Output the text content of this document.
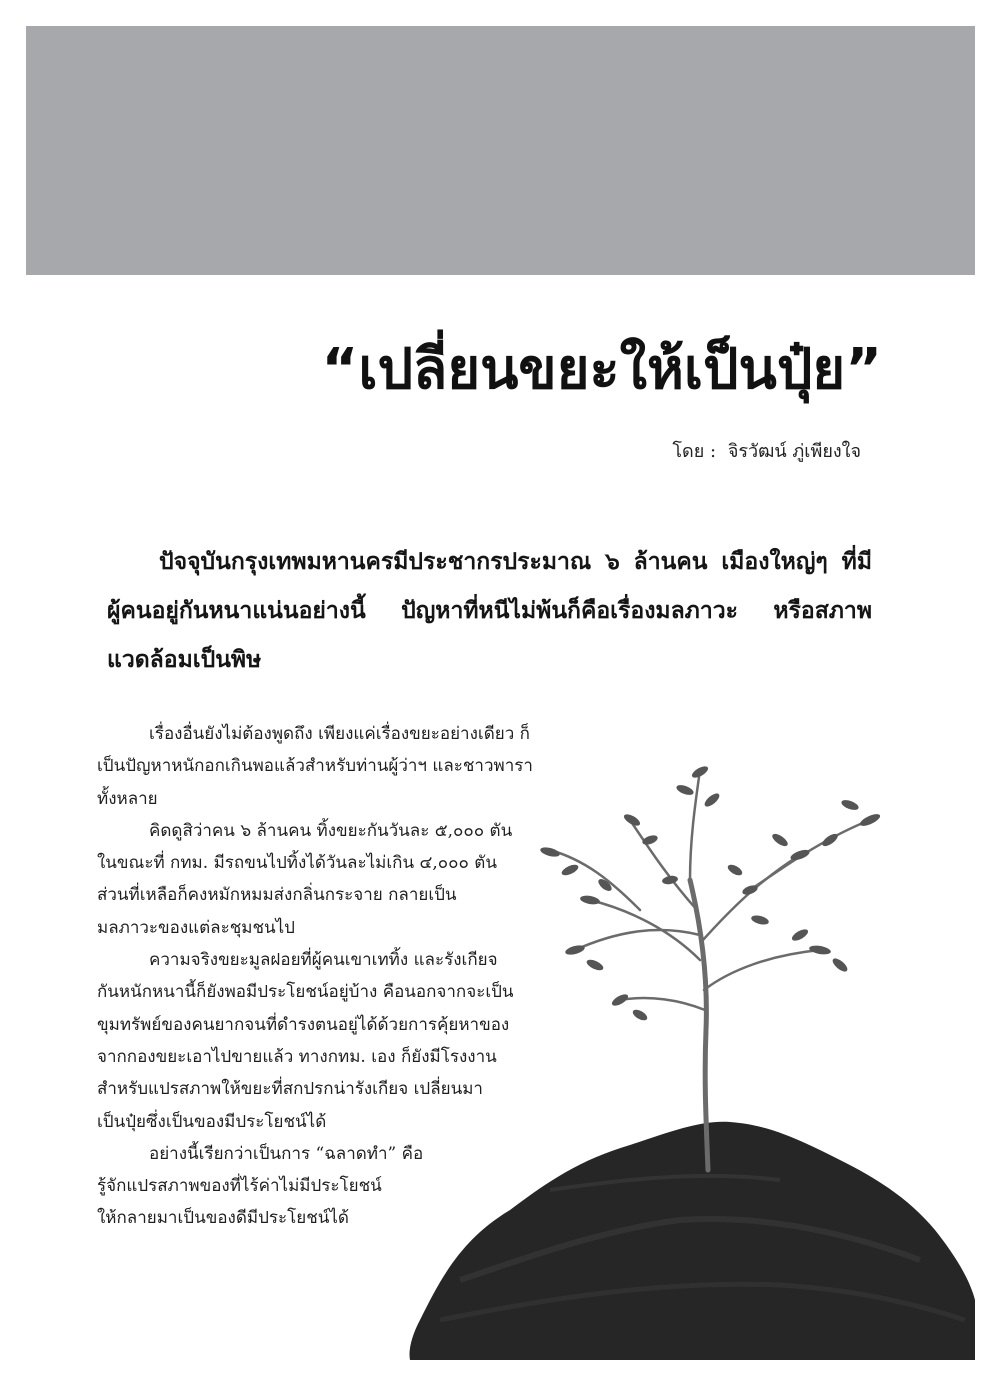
“เปลี่ยนขยะให้เป็นปุ๋ย”
โดย : จิรวัฒน์ ภู่เพียงใจ
ปัจจุบันกรุงเทพมหานครมีประชากรประมาณ ๖ ล้านคน เมืองใหญ่ๆ ที่มี
ผู้คนอยู่กันหนาแน่นอย่างนี้ ปัญหาที่หนีไม่พ้นก็คือเรื่องมลภาวะ หรือสภาพ
แวดล้อมเป็นพิษ
เรื่องอื่นยังไม่ต้องพูดถึง เพียงแค่เรื่องขยะอย่างเดียว ก็
เป็นปัญหาหนักอกเกินพอแล้วสำหรับท่านผู้ว่าฯ และชาวพารา
ทั้งหลาย
คิดดูสิว่าคน ๖ ล้านคน ทิ้งขยะกันวันละ ๕,๐๐๐ ตัน
ในขณะที่ กทม. มีรถขนไปทิ้งได้วันละไม่เกิน ๔,๐๐๐ ตัน
ส่วนที่เหลือก็คงหมักหมมส่งกลิ่นกระจาย กลายเป็น
มลภาวะของแต่ละชุมชนไป
ความจริงขยะมูลฝอยที่ผู้คนเขาเททิ้ง และรังเกียจ
กันหนักหนานี้ก็ยังพอมีประโยชน์อยู่บ้าง คือนอกจากจะเป็น
ขุมทรัพย์ของคนยากจนที่ดำรงตนอยู่ได้ด้วยการคุ้ยหาของ
จากกองขยะเอาไปขายแล้ว ทางกทม. เอง ก็ยังมีโรงงาน
สำหรับแปรสภาพให้ขยะที่สกปรกน่ารังเกียจ เปลี่ยนมา
เป็นปุ๋ยซึ่งเป็นของมีประโยชน์ได้
อย่างนี้เรียกว่าเป็นการ “ฉลาดทำ” คือ
รู้จักแปรสภาพของที่ไร้ค่าไม่มีประโยชน์
ให้กลายมาเป็นของดีมีประโยชน์ได้
